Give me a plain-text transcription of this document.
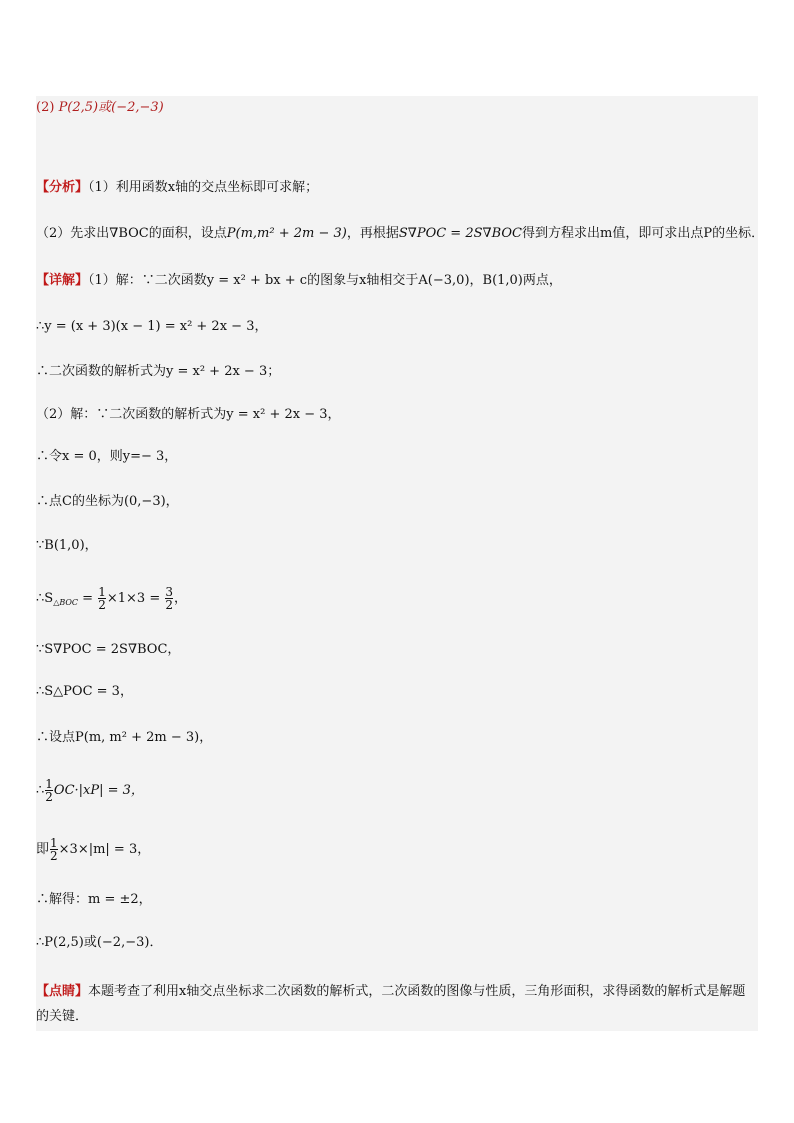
(2) P(2,5)或(−2,−3)
【分析】（1）利用函数x轴的交点坐标即可求解；
（2）先求出∇BOC的面积，设点P(m,m² + 2m − 3)，再根据S∇POC = 2S∇BOC得到方程求出m值，即可求出点P的坐标．
【详解】（1）解：∵二次函数y = x² + bx + c的图象与x轴相交于A(−3,0)，B(1,0)两点，
∴y = (x + 3)(x − 1) = x² + 2x − 3，
∴二次函数的解析式为y = x² + 2x − 3；
（2）解：∵二次函数的解析式为y = x² + 2x − 3，
∴令x = 0，则y=− 3，
∴点C的坐标为(0,−3)，
∵B(1,0)，
$\therefore S_{\triangle BOC} = \frac{1}{2} \times 1\times 3 = \frac{3}{2}$ ，
∵S∇POC = 2S∇BOC，
∴S△POC = 3，
∴设点P(m, m² + 2m − 3)，
∴ $\frac{1}{2} OC\cdot|xP| = 3$，
即 $\frac{1}{2} \times 3\times|m| = 3$，
∴解得：m = ±2，
∴P(2,5)或(−2,−3)．
【点睛】本题考查了利用x轴交点坐标求二次函数的解析式，二次函数的图像与性质，三角形面积，求得函数的解析式是解题的关键．
